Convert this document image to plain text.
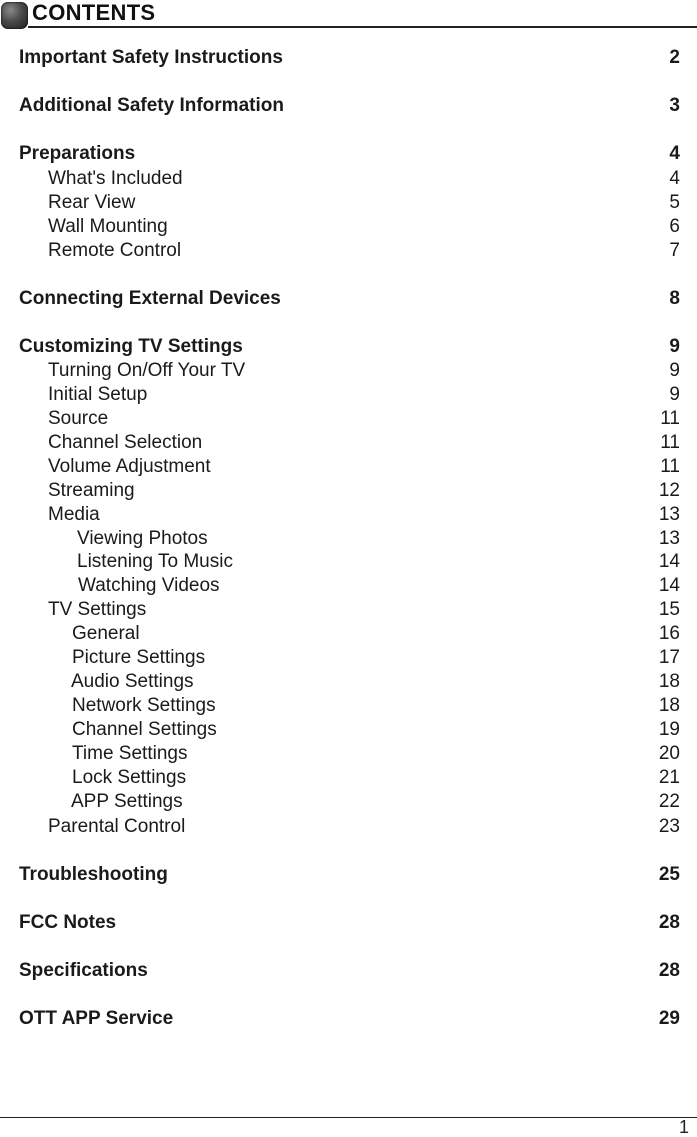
CONTENTS
Important Safety Instructions	2
Additional Safety Information	3
Preparations	4
What's Included	4
Rear View	5
Wall Mounting	6
Remote Control	7
Connecting External Devices	8
Customizing TV Settings	9
Turning On/Off Your TV	9
Initial Setup	9
Source	11
Channel Selection	11
Volume Adjustment	11
Streaming	12
Media	13
Viewing Photos	13
Listening To Music	14
Watching Videos	14
TV Settings	15
General	16
Picture Settings	17
Audio Settings	18
Network Settings	18
Channel Settings	19
Time Settings	20
Lock Settings	21
APP Settings	22
Parental Control	23
Troubleshooting	25
FCC Notes	28
Specifications	28
OTT APP Service	29
1
